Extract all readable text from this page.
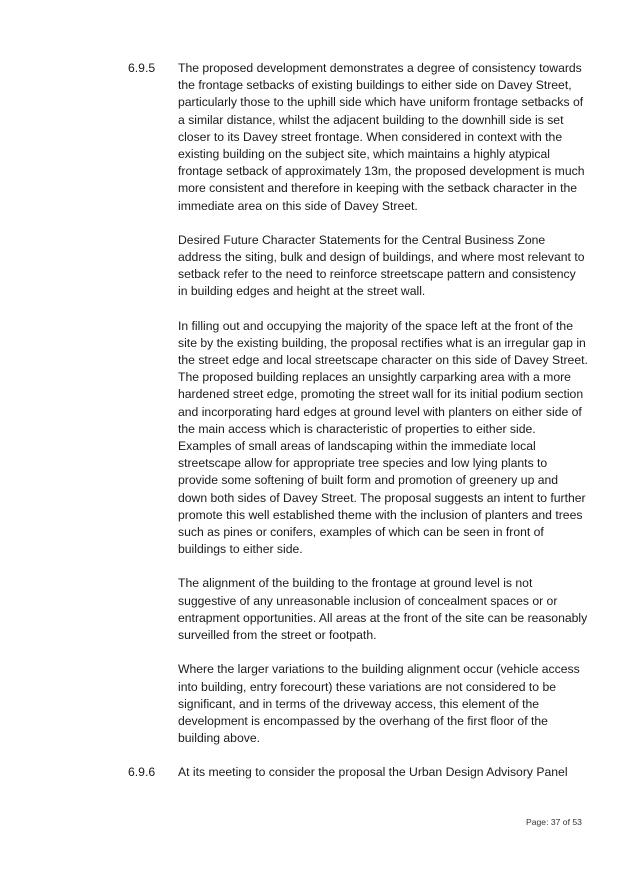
6.9.5 The proposed development demonstrates a degree of consistency towards the frontage setbacks of existing buildings to either side on Davey Street, particularly those to the uphill side which have uniform frontage setbacks of a similar distance, whilst the adjacent building to the downhill side is set closer to its Davey street frontage. When considered in context with the existing building on the subject site, which maintains a highly atypical frontage setback of approximately 13m, the proposed development is much more consistent and therefore in keeping with the setback character in the immediate area on this side of Davey Street.

Desired Future Character Statements for the Central Business Zone address the siting, bulk and design of buildings, and where most relevant to setback refer to the need to reinforce streetscape pattern and consistency in building edges and height at the street wall.

In filling out and occupying the majority of the space left at the front of the site by the existing building, the proposal rectifies what is an irregular gap in the street edge and local streetscape character on this side of Davey Street. The proposed building replaces an unsightly carparking area with a more hardened street edge, promoting the street wall for its initial podium section and incorporating hard edges at ground level with planters on either side of the main access which is characteristic of properties to either side. Examples of small areas of landscaping within the immediate local streetscape allow for appropriate tree species and low lying plants to provide some softening of built form and promotion of greenery up and down both sides of Davey Street. The proposal suggests an intent to further promote this well established theme with the inclusion of planters and trees such as pines or conifers, examples of which can be seen in front of buildings to either side.

The alignment of the building to the frontage at ground level is not suggestive of any unreasonable inclusion of concealment spaces or or entrapment opportunities. All areas at the front of the site can be reasonably surveilled from the street or footpath.

Where the larger variations to the building alignment occur (vehicle access into building, entry forecourt) these variations are not considered to be significant, and in terms of the driveway access, this element of the development is encompassed by the overhang of the first floor of the building above.

6.9.6 At its meeting to consider the proposal the Urban Design Advisory Panel

Page: 37 of 53
